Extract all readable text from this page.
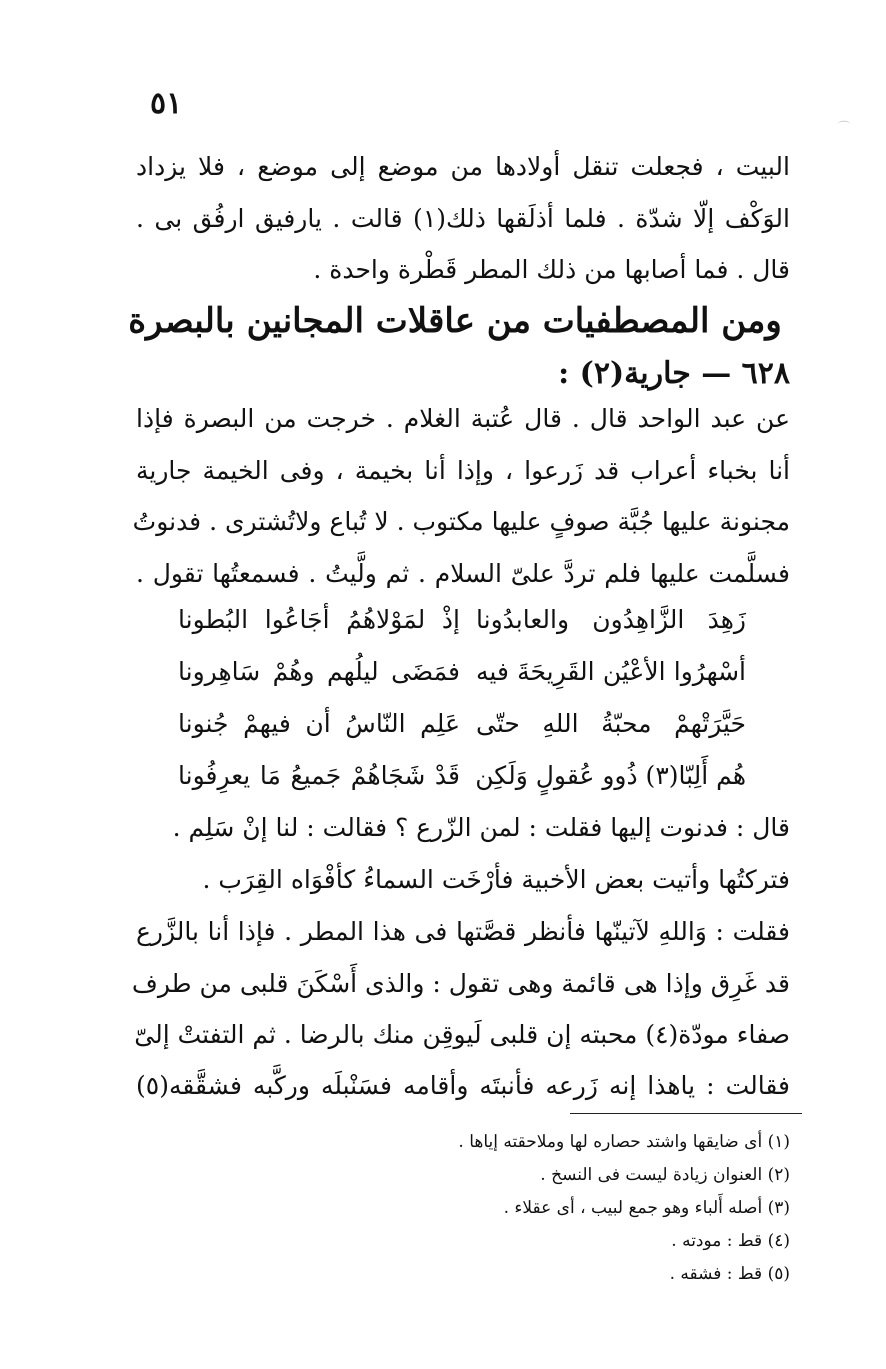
٥١
⌒
البيت ، فجعلت تنقل أولادها من موضع إلى موضع ، فلا يزداد
الوَكْف إلّا شدّة . فلما أذلَقها ذلك(١) قالت . يارفيق ارفُق بى .
قال . فما أصابها من ذلك المطر قَطْرة واحدة .
ومن المصطفيات من عاقلات المجانين بالبصرة
٦٢٨ — جارية(٢) :
عن عبد الواحد قال . قال عُتبة الغلام . خرجت من البصرة فإذا
أنا بخباء أعراب قد زَرعوا ، وإذا أنا بخيمة ، وفى الخيمة جارية
مجنونة عليها جُبَّة صوفٍ عليها مكتوب . لا تُباع ولاتُشترى . فدنوتُ
فسلَّمت عليها فلم تردَّ علىّ السلام . ثم ولَّيتُ . فسمعتُها تقول .
زَهِدَ الزَّاهِدُون والعابدُونا
إذْ لمَوْلاهُمُ أجَاعُوا البُطونا
أسْهرُوا الأعْيُن القَرِيحَةَ فيه
فمَضَى ليلُهم وهُمْ سَاهِرونا
حَيَّرَتْهمْ محبّةُ اللهِ حتّى
عَلِم النّاسُ أن فيهمْ جُنونا
هُم أَلِبّا(٣) ذُوو عُقولٍ وَلَكِن
قَدْ شَجَاهُمْ جَميعُ مَا يعرِفُونا
قال : فدنوت إليها فقلت : لمن الزّرع ؟ فقالت : لنا إنْ سَلِم .
فتركتُها وأتيت بعض الأخبية فأرْخَت السماءُ كأفْوَاه القِرَب .
فقلت : وَاللهِ لآتينّها فأنظر قصَّتها فى هذا المطر . فإذا أنا بالزَّرع
قد غَرِق وإذا هى قائمة وهى تقول : والذى أَسْكَنَ قلبى من طرف
صفاء مودّة(٤) محبته إن قلبى لَيوقِن منك بالرضا . ثم التفتتْ إلىّ
فقالت : ياهذا إنه زَرعه فأنبتَه وأقامه فسَنْبلَه وركَّبه فشقَّقه(٥)
(١) أى ضايقها واشتد حصاره لها وملاحقته إياها .
(٢) العنوان زيادة ليست فى النسخ .
(٣) أصله أَلباء وهو جمع لبيب ، أى عقلاء .
(٤) قط : مودته .
(٥) قط : فشقه .
